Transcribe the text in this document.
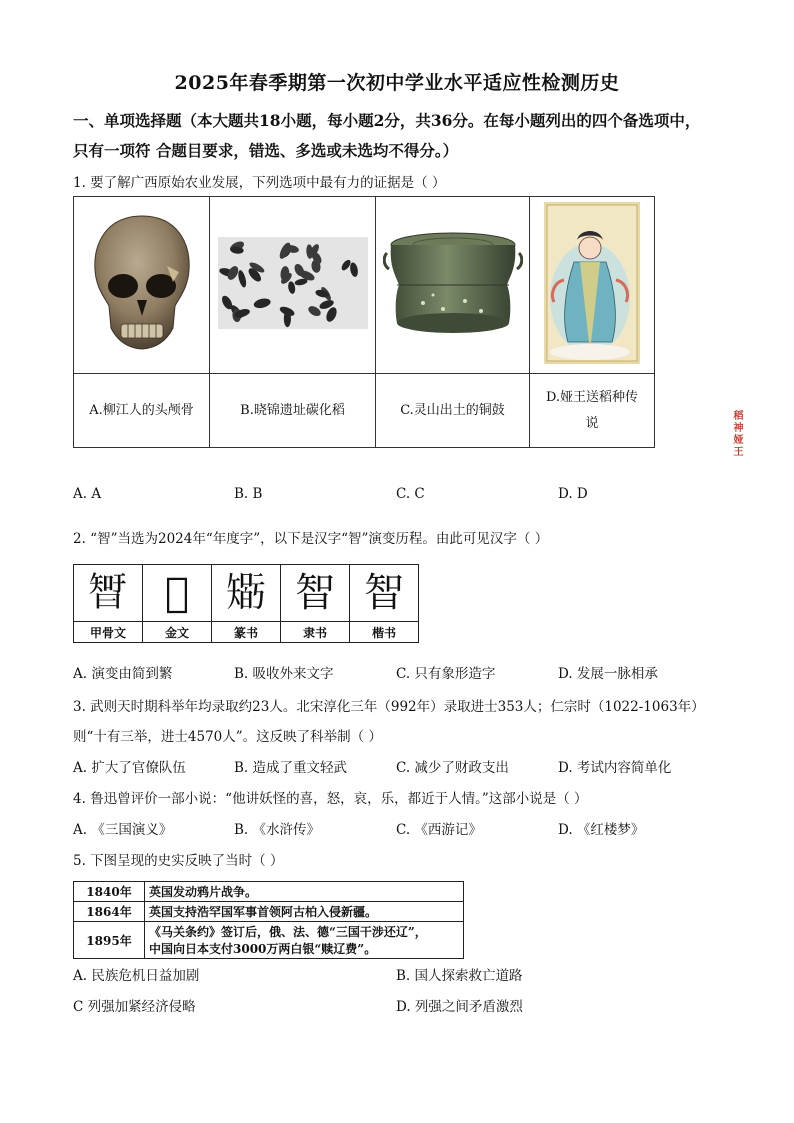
2025年春季期第一次初中学业水平适应性检测历史
一、单项选择题（本大题共18小题，每小题2分，共36分。在每小题列出的四个备选项中，
只有一项符 合题目要求，错选、多选或未选均不得分。）
1. 要了解广西原始农业发展，下列选项中最有力的证据是（ ）

稻
神
娅
王

A.柳江人的头颅骨	B.晓锦遗址碳化稻	C.灵山出土的铜鼓	D.娅王送稻种传
说
A. A	B. B	C. C	D. D
2. “智”当选为2024年“年度字”，以下是汉字“智”演变历程。由此可见汉字（ ）
𣉻	𠵔	𥏼	智	智
甲骨文	金文	篆书	隶书	楷书
A. 演变由简到繁	B. 吸收外来文字	C. 只有象形造字	D. 发展一脉相承
3. 武则天时期科举年均录取约23人。北宋淳化三年（992年）录取进士353人；仁宗时（1022-1063年）
则“十有三举，进士4570人”。这反映了科举制（ ）
A. 扩大了官僚队伍	B. 造成了重文轻武	C. 减少了财政支出	D. 考试内容简单化
4. 鲁迅曾评价一部小说：“他讲妖怪的喜，怒，哀，乐，都近于人情。”这部小说是（ ）
A. 《三国演义》	B. 《水浒传》	C. 《西游记》	D. 《红楼梦》
5. 下图呈现的史实反映了当时（ ）
1840年	英国发动鸦片战争。
1864年	英国支持浩罕国军事首领阿古柏入侵新疆。
1895年	《马关条约》签订后，俄、法、德“三国干涉还辽”，
中国向日本支付3000万两白银“赎辽费”。
A. 民族危机日益加剧	B. 国人探索救亡道路
C 列强加紧经济侵略	D. 列强之间矛盾激烈
